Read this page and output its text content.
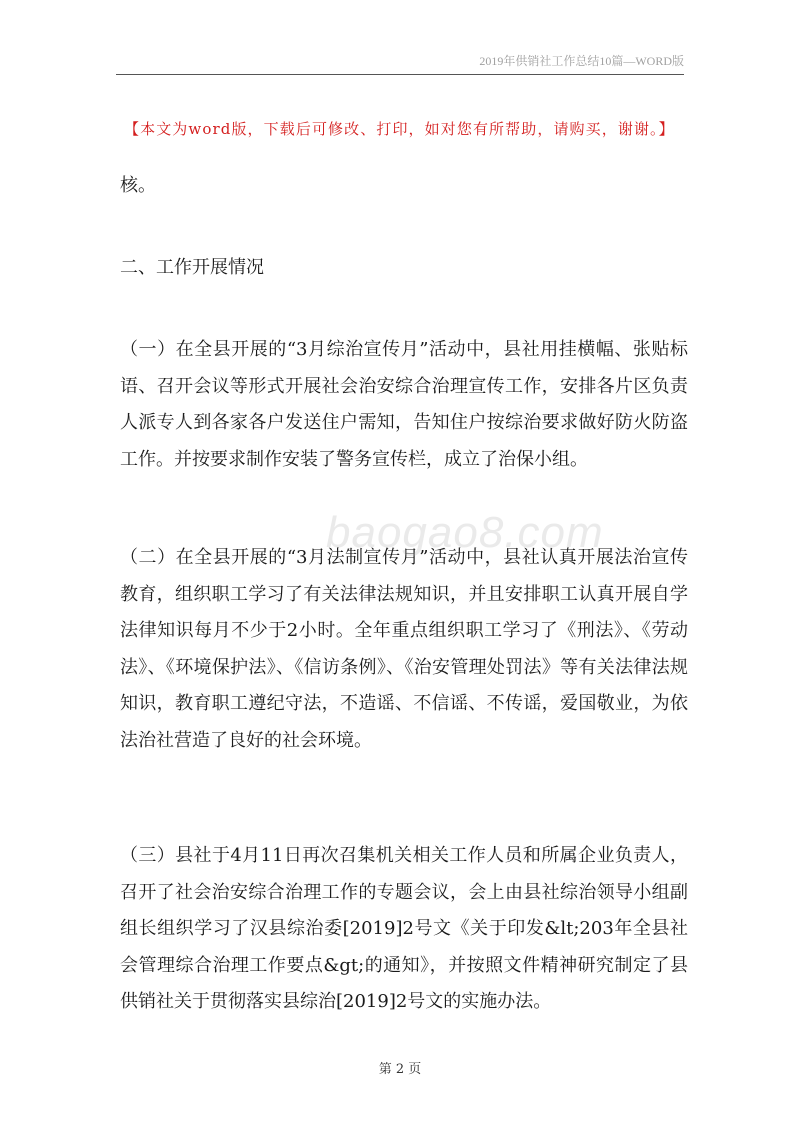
2019年供销社工作总结10篇—WORD版
【本文为word版，下载后可修改、打印，如对您有所帮助，请购买，谢谢。】

核。

二、工作开展情况

（一）在全县开展的“3月综治宣传月”活动中，县社用挂横幅、张贴标语、召开会议等形式开展社会治安综合治理宣传工作，安排各片区负责人派专人到各家各户发送住户需知，告知住户按综治要求做好防火防盗工作。并按要求制作安装了警务宣传栏，成立了治保小组。

（二）在全县开展的“3月法制宣传月”活动中，县社认真开展法治宣传教育，组织职工学习了有关法律法规知识，并且安排职工认真开展自学法律知识每月不少于2小时。全年重点组织职工学习了《刑法》、《劳动法》、《环境保护法》、《信访条例》、《治安管理处罚法》等有关法律法规知识，教育职工遵纪守法，不造谣、不信谣、不传谣，爱国敬业，为依法治社营造了良好的社会环境。

（三）县社于4月11日再次召集机关相关工作人员和所属企业负责人，召开了社会治安综合治理工作的专题会议，会上由县社综治领导小组副组长组织学习了汉县综治委[2019]2号文《关于印发&lt;203年全县社会管理综合治理工作要点&gt;的通知》，并按照文件精神研究制定了县供销社关于贯彻落实县综治[2019]2号文的实施办法。

baogao8.com
第 2 页
